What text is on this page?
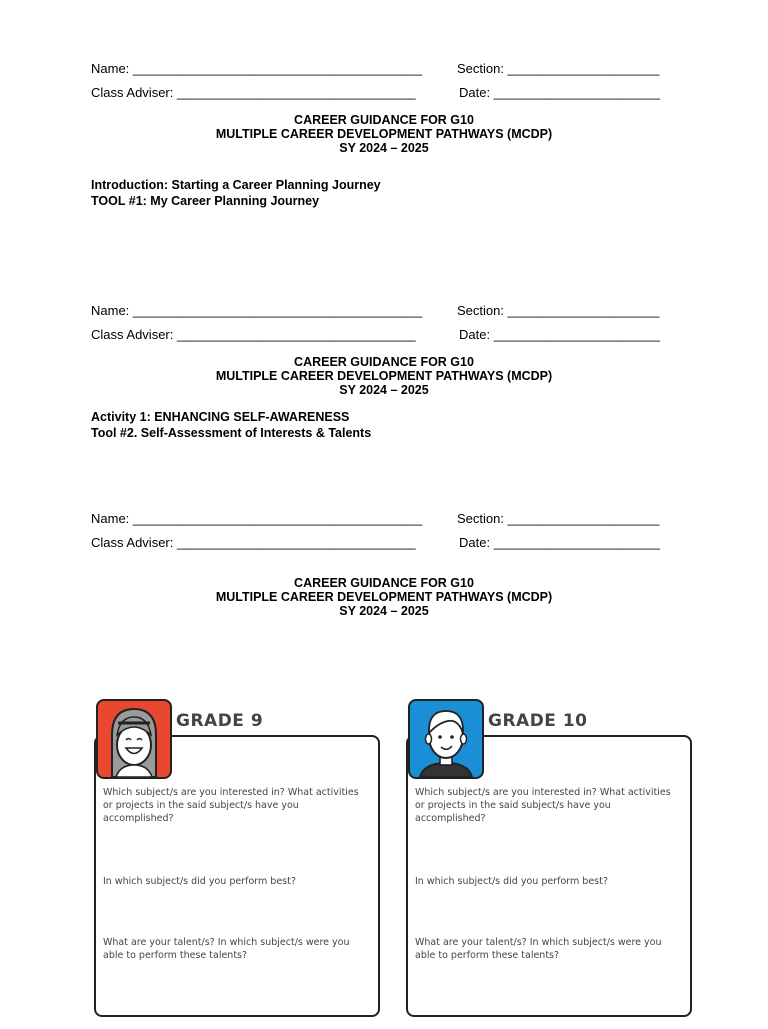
Name: ________________________________________	Section: _____________________
Class Adviser: _________________________________	Date: _______________________
CAREER GUIDANCE FOR G10
MULTIPLE CAREER DEVELOPMENT PATHWAYS (MCDP)
SY 2024 – 2025
Introduction: Starting a Career Planning Journey
TOOL #1: My Career Planning Journey
Name: ________________________________________	Section: _____________________
Class Adviser: _________________________________	Date: _______________________
CAREER GUIDANCE FOR G10
MULTIPLE CAREER DEVELOPMENT PATHWAYS (MCDP)
SY 2024 – 2025
Activity 1: ENHANCING SELF-AWARENESS
Tool #2. Self-Assessment of Interests & Talents
Name: ________________________________________	Section: _____________________
Class Adviser: _________________________________	Date: _______________________
CAREER GUIDANCE FOR G10
MULTIPLE CAREER DEVELOPMENT PATHWAYS (MCDP)
SY 2024 – 2025
GRADE 9
Which subject/s are you interested in? What activities or projects in the said subject/s have you accomplished?
In which subject/s did you perform best?
What are your talent/s? In which subject/s were you able to perform these talents?
GRADE 10
Which subject/s are you interested in? What activities or projects in the said subject/s have you accomplished?
In which subject/s did you perform best?
What are your talent/s? In which subject/s were you able to perform these talents?
